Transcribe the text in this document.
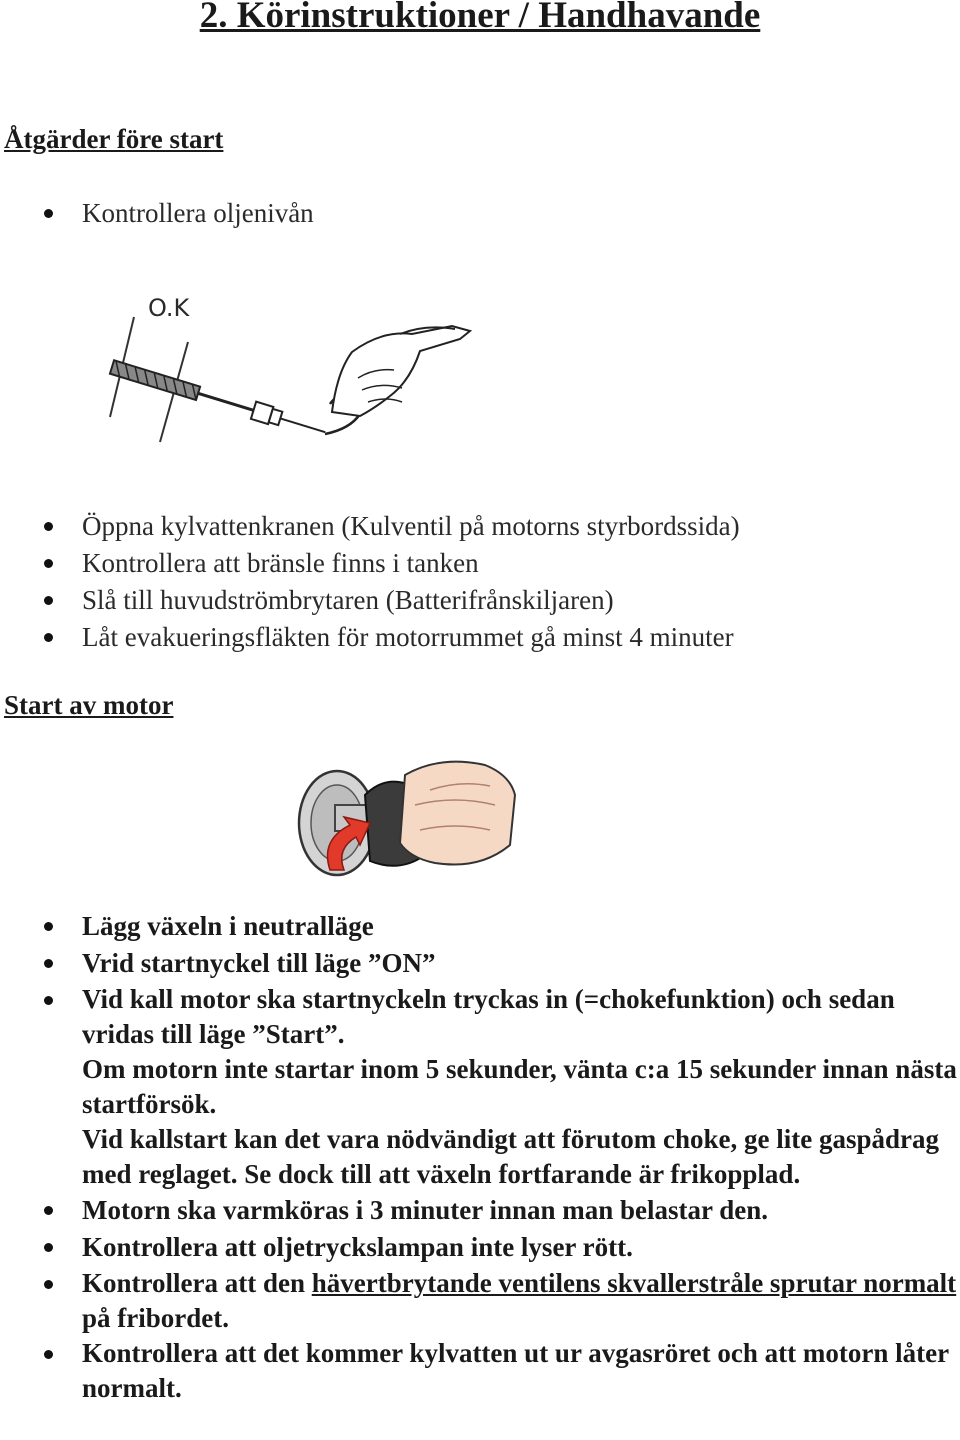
2. Körinstruktioner / Handhavande
Åtgärder före start
Kontrollera oljenivån
O.K
Öppna kylvattenkranen (Kulventil på motorns styrbordssida)
Kontrollera att bränsle finns i tanken
Slå till huvudströmbrytaren (Batterifrånskiljaren)
Låt evakueringsfläkten för motorrummet gå minst 4 minuter
Start av motor
Lägg växeln i neutralläge
Vrid startnyckel till läge ”ON”
Vid kall motor ska startnyckeln tryckas in (=chokefunktion) och sedan vridas till läge ”Start”.
Om motorn inte startar inom 5 sekunder, vänta c:a 15 sekunder innan nästa startförsök.
Vid kallstart kan det vara nödvändigt att förutom choke, ge lite gaspådrag med reglaget. Se dock till att växeln fortfarande är frikopplad.
Motorn ska varmköras i 3 minuter innan man belastar den.
Kontrollera att oljetryckslampan inte lyser rött.
Kontrollera att den hävertbrytande ventilens skvallerstråle sprutar normalt på fribordet.
Kontrollera att det kommer kylvatten ut ur avgasröret och att motorn låter normalt.
